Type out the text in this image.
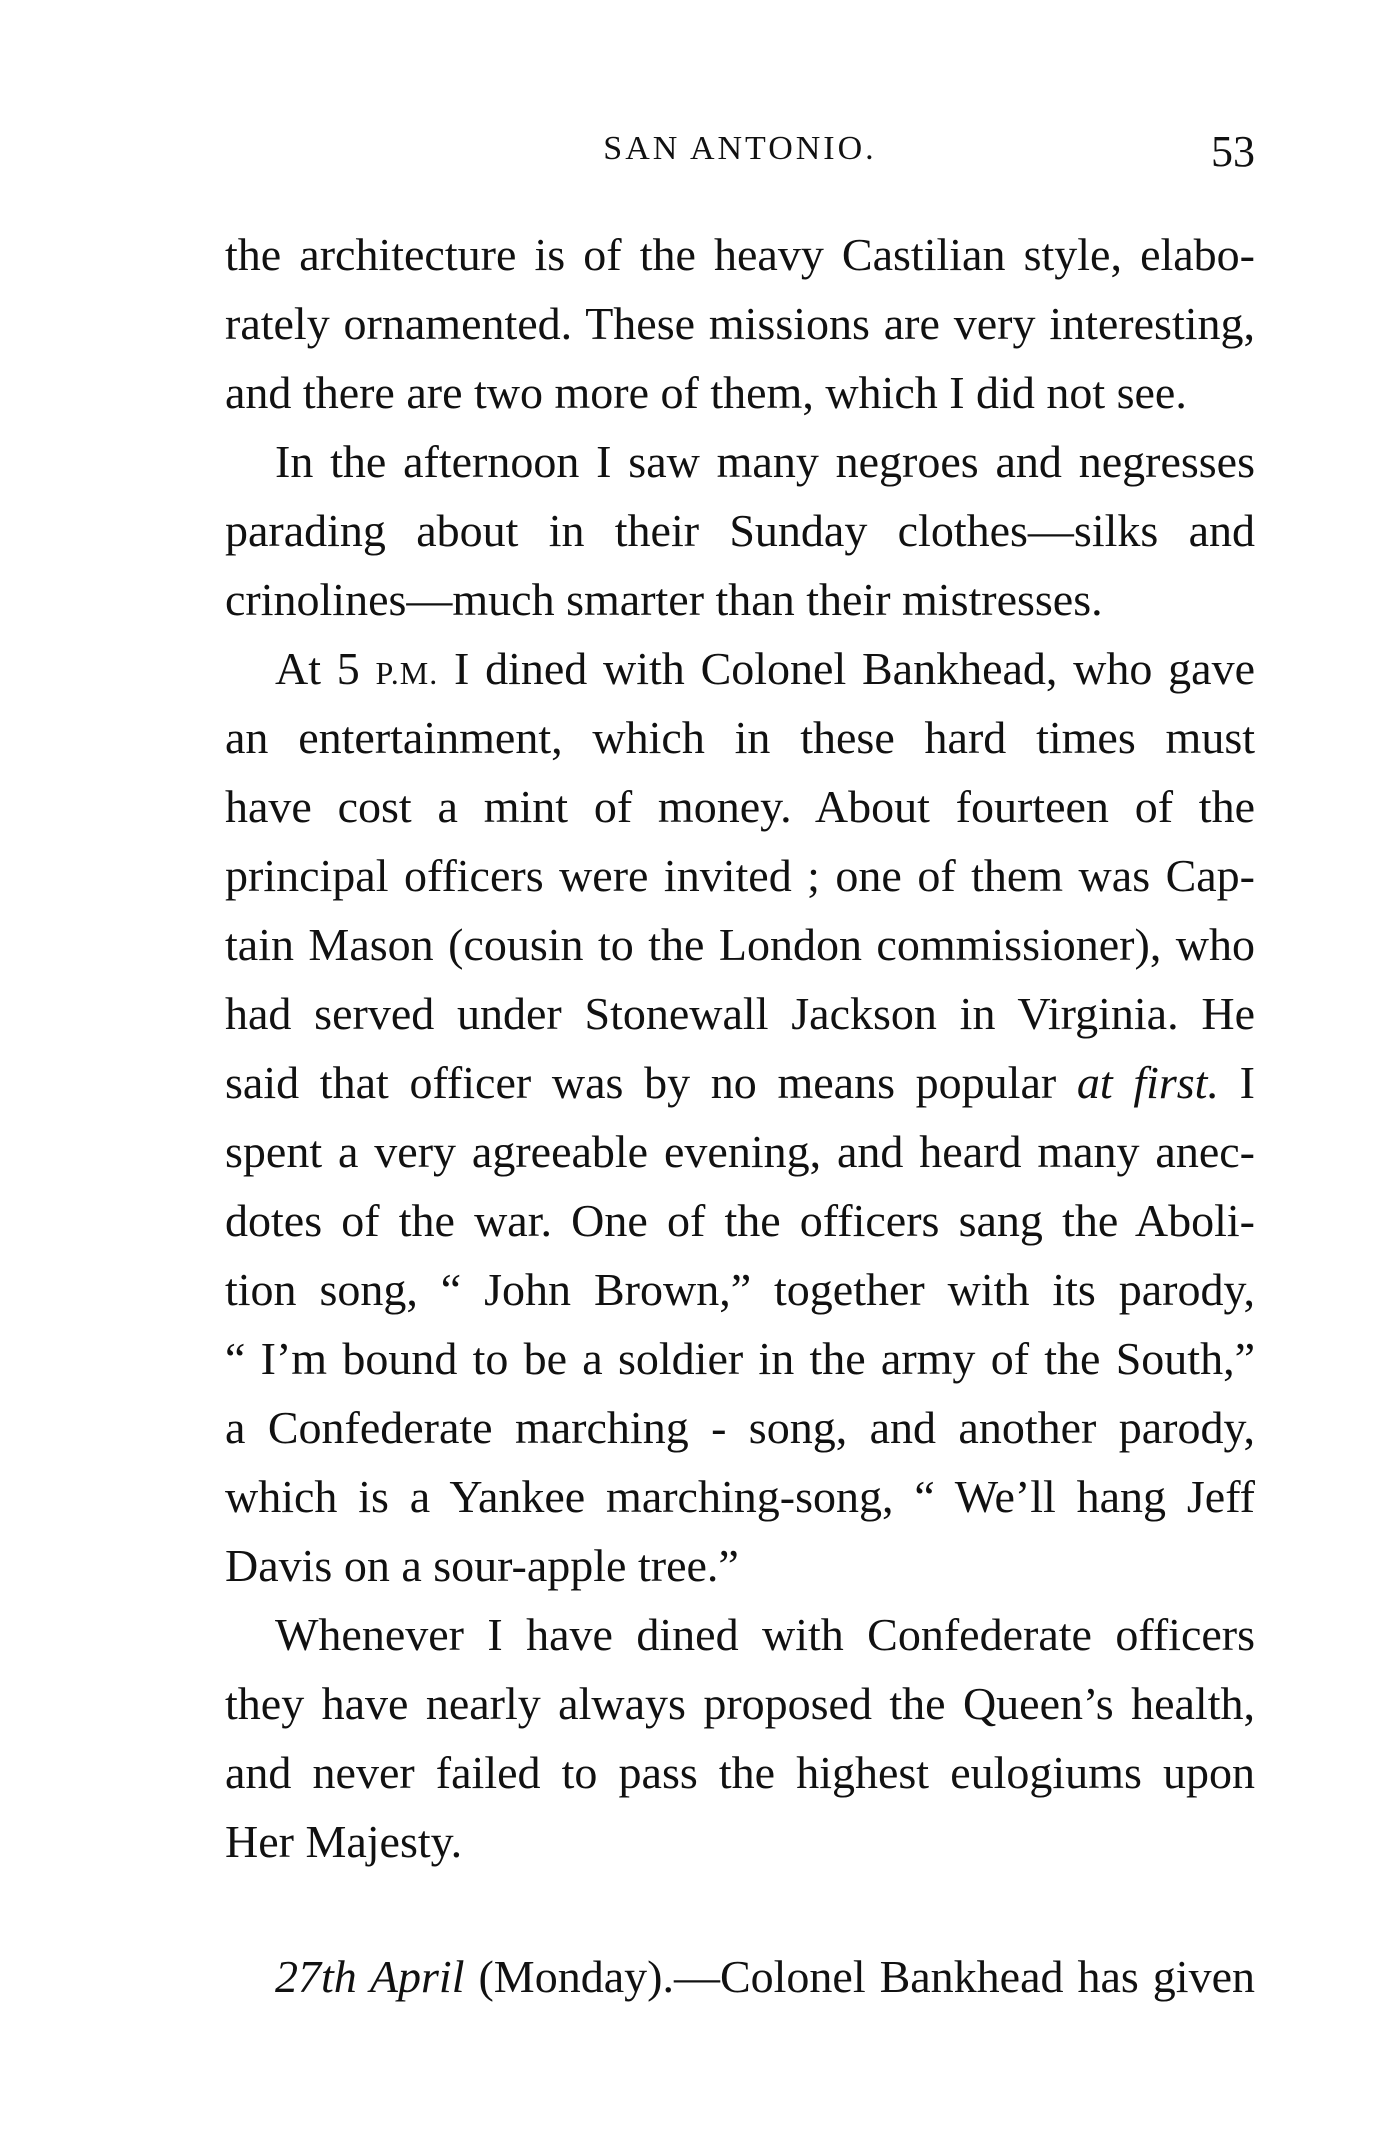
SAN ANTONIO.	53
the architecture is of the heavy Castilian style, elabo-
rately ornamented. These missions are very interesting,
and there are two more of them, which I did not see.
In the afternoon I saw many negroes and negresses
parading about in their Sunday clothes—silks and
crinolines—much smarter than their mistresses.
At 5 P.M. I dined with Colonel Bankhead, who gave
an entertainment, which in these hard times must
have cost a mint of money. About fourteen of the
principal officers were invited ; one of them was Cap-
tain Mason (cousin to the London commissioner), who
had served under Stonewall Jackson in Virginia. He
said that officer was by no means popular at first. I
spent a very agreeable evening, and heard many anec-
dotes of the war. One of the officers sang the Aboli-
tion song, “ John Brown,” together with its parody,
“ I’m bound to be a soldier in the army of the South,”
a Confederate marching - song, and another parody,
which is a Yankee marching-song, “ We’ll hang Jeff
Davis on a sour-apple tree.”
Whenever I have dined with Confederate officers
they have nearly always proposed the Queen’s health,
and never failed to pass the highest eulogiums upon
Her Majesty.
27th April (Monday).—Colonel Bankhead has given
